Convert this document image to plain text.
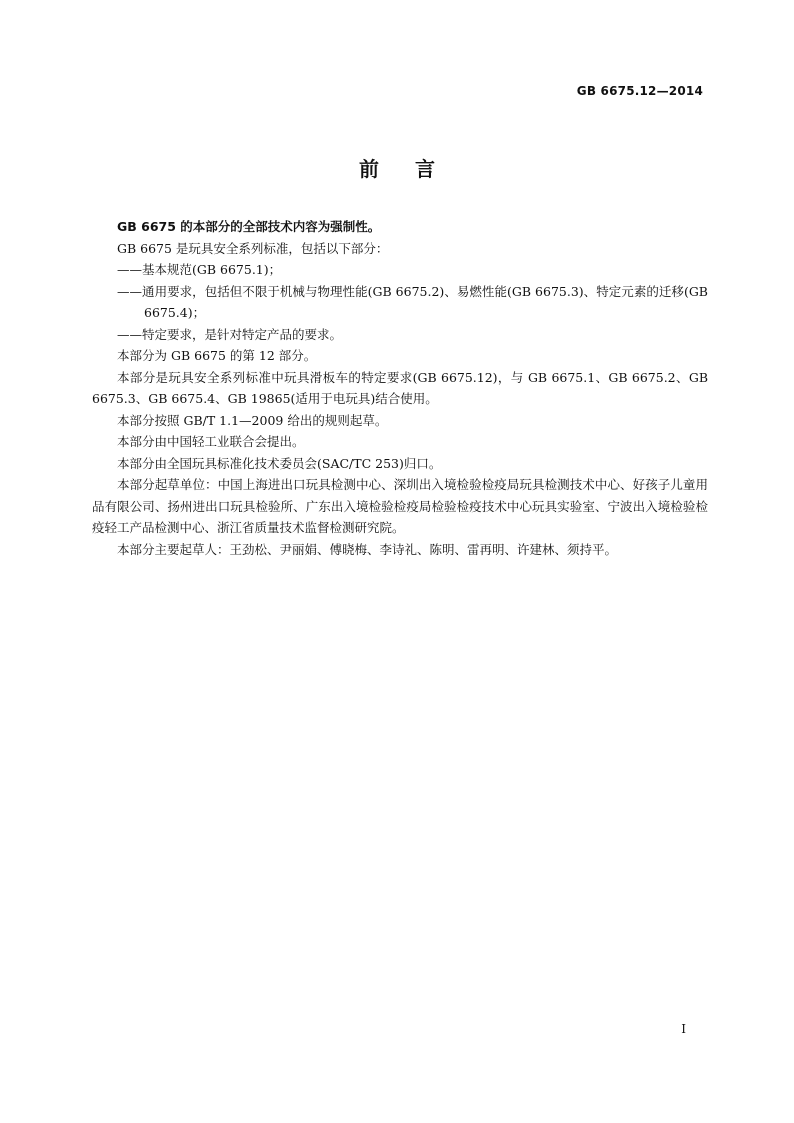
GB 6675.12—2014
前言

GB 6675 的本部分的全部技术内容为强制性。

GB 6675 是玩具安全系列标准，包括以下部分：

——基本规范(GB 6675.1)；

——通用要求，包括但不限于机械与物理性能(GB 6675.2)、易燃性能(GB 6675.3)、特定元素的迁移(GB 6675.4)；

——特定要求，是针对特定产品的要求。

本部分为 GB 6675 的第 12 部分。

本部分是玩具安全系列标准中玩具滑板车的特定要求(GB 6675.12)，与 GB 6675.1、GB 6675.2、GB 6675.3、GB 6675.4、GB 19865(适用于电玩具)结合使用。

本部分按照 GB/T 1.1—2009 给出的规则起草。

本部分由中国轻工业联合会提出。

本部分由全国玩具标准化技术委员会(SAC/TC 253)归口。

本部分起草单位：中国上海进出口玩具检测中心、深圳出入境检验检疫局玩具检测技术中心、好孩子儿童用品有限公司、扬州进出口玩具检验所、广东出入境检验检疫局检验检疫技术中心玩具实验室、宁波出入境检验检疫轻工产品检测中心、浙江省质量技术监督检测研究院。

本部分主要起草人：王劲松、尹丽娟、傅晓梅、李诗礼、陈明、雷再明、许建林、须持平。

I
